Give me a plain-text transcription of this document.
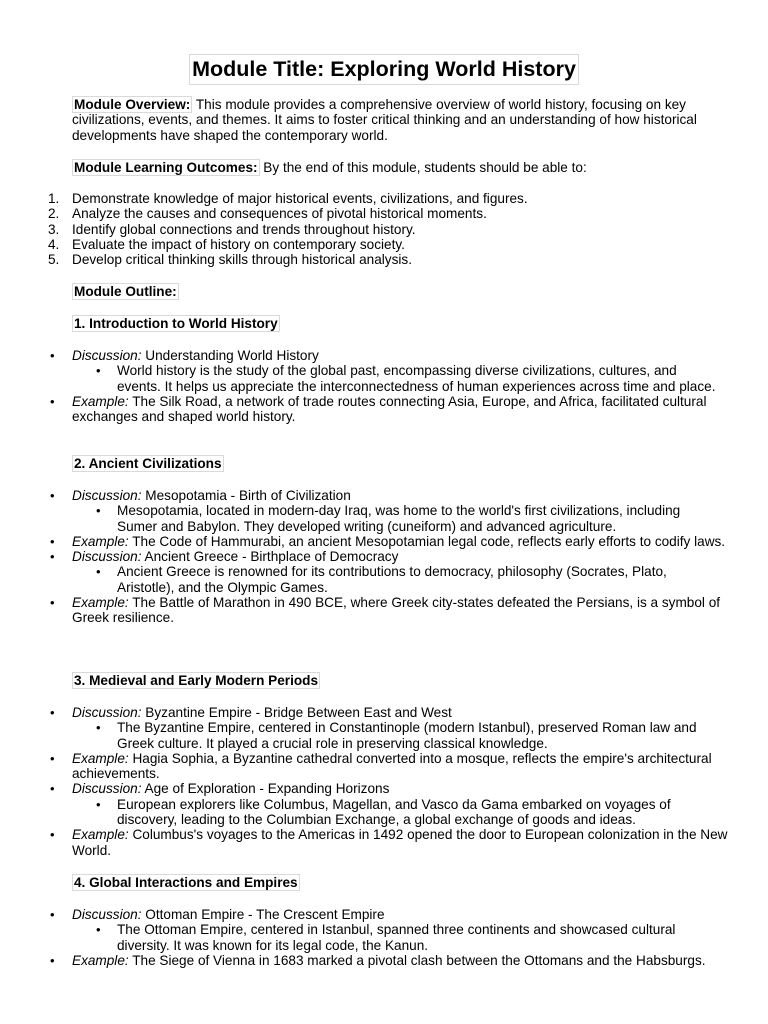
Module Title: Exploring World History

Module Overview: This module provides a comprehensive overview of world history, focusing on key civilizations, events, and themes. It aims to foster critical thinking and an understanding of how historical developments have shaped the contemporary world.

Module Learning Outcomes: By the end of this module, students should be able to:

1. Demonstrate knowledge of major historical events, civilizations, and figures.
2. Analyze the causes and consequences of pivotal historical moments.
3. Identify global connections and trends throughout history.
4. Evaluate the impact of history on contemporary society.
5. Develop critical thinking skills through historical analysis.

Module Outline:

1. Introduction to World History

• Discussion: Understanding World History
• World history is the study of the global past, encompassing diverse civilizations, cultures, and events. It helps us appreciate the interconnectedness of human experiences across time and place.
• Example: The Silk Road, a network of trade routes connecting Asia, Europe, and Africa, facilitated cultural exchanges and shaped world history.

2. Ancient Civilizations

• Discussion: Mesopotamia - Birth of Civilization
• Mesopotamia, located in modern-day Iraq, was home to the world's first civilizations, including Sumer and Babylon. They developed writing (cuneiform) and advanced agriculture.
• Example: The Code of Hammurabi, an ancient Mesopotamian legal code, reflects early efforts to codify laws.
• Discussion: Ancient Greece - Birthplace of Democracy
• Ancient Greece is renowned for its contributions to democracy, philosophy (Socrates, Plato, Aristotle), and the Olympic Games.
• Example: The Battle of Marathon in 490 BCE, where Greek city-states defeated the Persians, is a symbol of Greek resilience.

3. Medieval and Early Modern Periods

• Discussion: Byzantine Empire - Bridge Between East and West
• The Byzantine Empire, centered in Constantinople (modern Istanbul), preserved Roman law and Greek culture. It played a crucial role in preserving classical knowledge.
• Example: Hagia Sophia, a Byzantine cathedral converted into a mosque, reflects the empire's architectural achievements.
• Discussion: Age of Exploration - Expanding Horizons
• European explorers like Columbus, Magellan, and Vasco da Gama embarked on voyages of discovery, leading to the Columbian Exchange, a global exchange of goods and ideas.
• Example: Columbus's voyages to the Americas in 1492 opened the door to European colonization in the New World.

4. Global Interactions and Empires

• Discussion: Ottoman Empire - The Crescent Empire
• The Ottoman Empire, centered in Istanbul, spanned three continents and showcased cultural diversity. It was known for its legal code, the Kanun.
• Example: The Siege of Vienna in 1683 marked a pivotal clash between the Ottomans and the Habsburgs.
